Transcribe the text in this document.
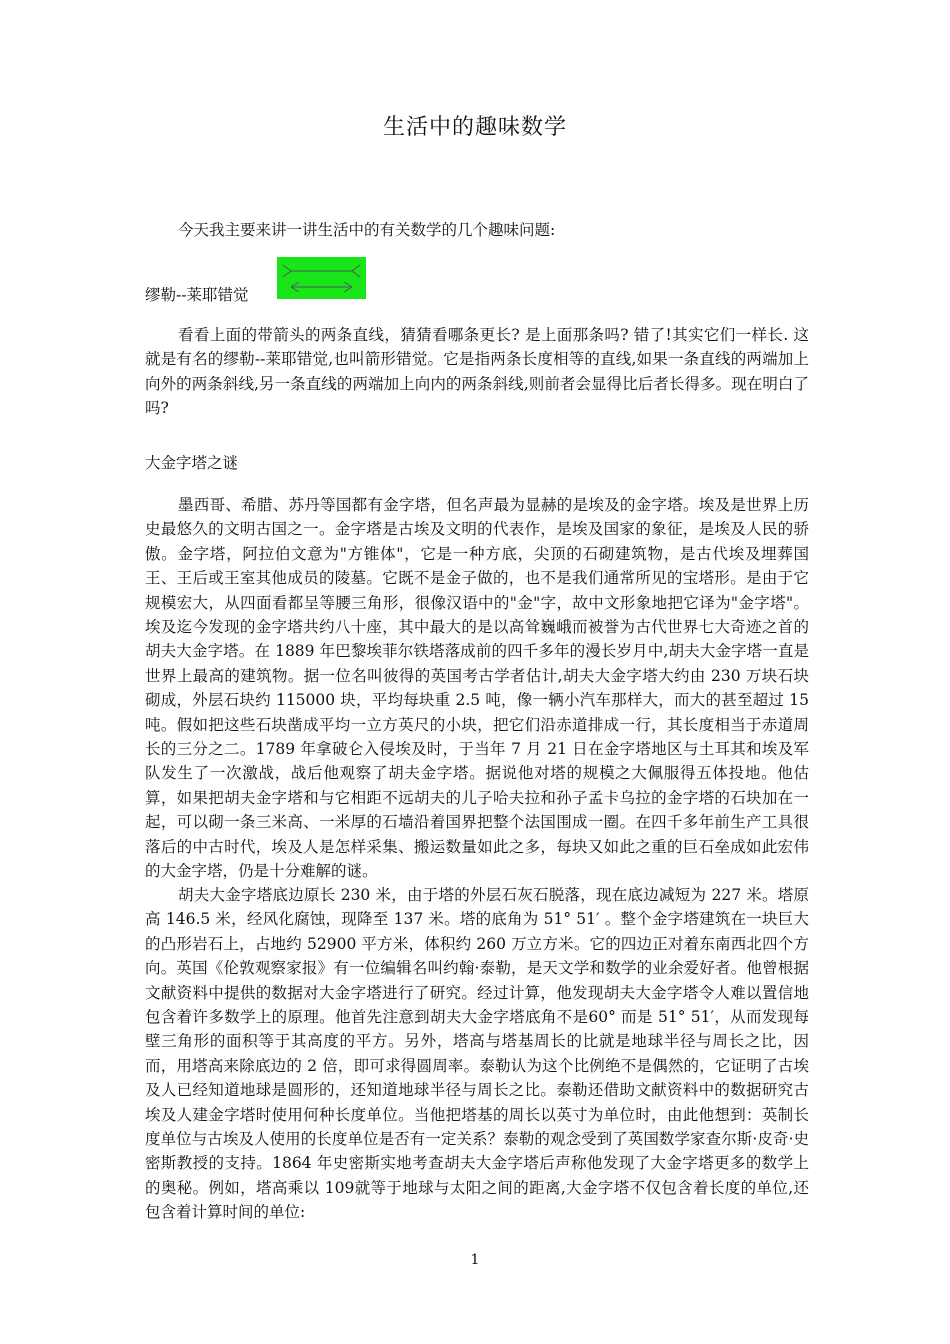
生活中的趣味数学

今天我主要来讲一讲生活中的有关数学的几个趣味问题:

缪勒--莱耶错觉

看看上面的带箭头的两条直线，猜猜看哪条更长? 是上面那条吗? 错了!其实它们一样长. 这就是有名的缪勒--莱耶错觉,也叫箭形错觉。它是指两条长度相等的直线,如果一条直线的两端加上向外的两条斜线,另一条直线的两端加上向内的两条斜线,则前者会显得比后者长得多。现在明白了吗?

大金字塔之谜

墨西哥、希腊、苏丹等国都有金字塔，但名声最为显赫的是埃及的金字塔。埃及是世界上历史最悠久的文明古国之一。金字塔是古埃及文明的代表作，是埃及国家的象征，是埃及人民的骄傲。金字塔，阿拉伯文意为"方锥体"，它是一种方底，尖顶的石砌建筑物，是古代埃及埋葬国王、王后或王室其他成员的陵墓。它既不是金子做的，也不是我们通常所见的宝塔形。是由于它规模宏大，从四面看都呈等腰三角形，很像汉语中的"金"字，故中文形象地把它译为"金字塔"。埃及迄今发现的金字塔共约八十座，其中最大的是以高耸巍峨而被誉为古代世界七大奇迹之首的胡夫大金字塔。在 1889 年巴黎埃菲尔铁塔落成前的四千多年的漫长岁月中,胡夫大金字塔一直是世界上最高的建筑物。据一位名叫彼得的英国考古学者估计,胡夫大金字塔大约由 230 万块石块砌成，外层石块约 115000 块，平均每块重 2.5 吨，像一辆小汽车那样大，而大的甚至超过 15 吨。假如把这些石块凿成平均一立方英尺的小块，把它们沿赤道排成一行，其长度相当于赤道周长的三分之二。1789 年拿破仑入侵埃及时，于当年 7 月 21 日在金字塔地区与土耳其和埃及军队发生了一次激战，战后他观察了胡夫金字塔。据说他对塔的规模之大佩服得五体投地。他估算，如果把胡夫金字塔和与它相距不远胡夫的儿子哈夫拉和孙子孟卡乌拉的金字塔的石块加在一起，可以砌一条三米高、一米厚的石墙沿着国界把整个法国围成一圈。在四千多年前生产工具很落后的中古时代，埃及人是怎样采集、搬运数量如此之多，每块又如此之重的巨石垒成如此宏伟的大金字塔，仍是十分难解的谜。

胡夫大金字塔底边原长 230 米，由于塔的外层石灰石脱落，现在底边减短为 227 米。塔原高 146.5 米，经风化腐蚀，现降至 137 米。塔的底角为 51° 51′ 。整个金字塔建筑在一块巨大的凸形岩石上，占地约 52900 平方米，体积约 260 万立方米。它的四边正对着东南西北四个方向。英国《伦敦观察家报》有一位编辑名叫约翰·泰勒，是天文学和数学的业余爱好者。他曾根据文献资料中提供的数据对大金字塔进行了研究。经过计算，他发现胡夫大金字塔令人难以置信地包含着许多数学上的原理。他首先注意到胡夫大金字塔底角不是60° 而是 51° 51′，从而发现每壁三角形的面积等于其高度的平方。另外，塔高与塔基周长的比就是地球半径与周长之比，因而，用塔高来除底边的 2 倍，即可求得圆周率。泰勒认为这个比例绝不是偶然的，它证明了古埃及人已经知道地球是圆形的，还知道地球半径与周长之比。泰勒还借助文献资料中的数据研究古埃及人建金字塔时使用何种长度单位。当他把塔基的周长以英寸为单位时，由此他想到：英制长度单位与古埃及人使用的长度单位是否有一定关系？泰勒的观念受到了英国数学家查尔斯·皮奇·史密斯教授的支持。1864 年史密斯实地考查胡夫大金字塔后声称他发现了大金字塔更多的数学上的奥秘。例如，塔高乘以 109就等于地球与太阳之间的距离,大金字塔不仅包含着长度的单位,还包含着计算时间的单位:

1
